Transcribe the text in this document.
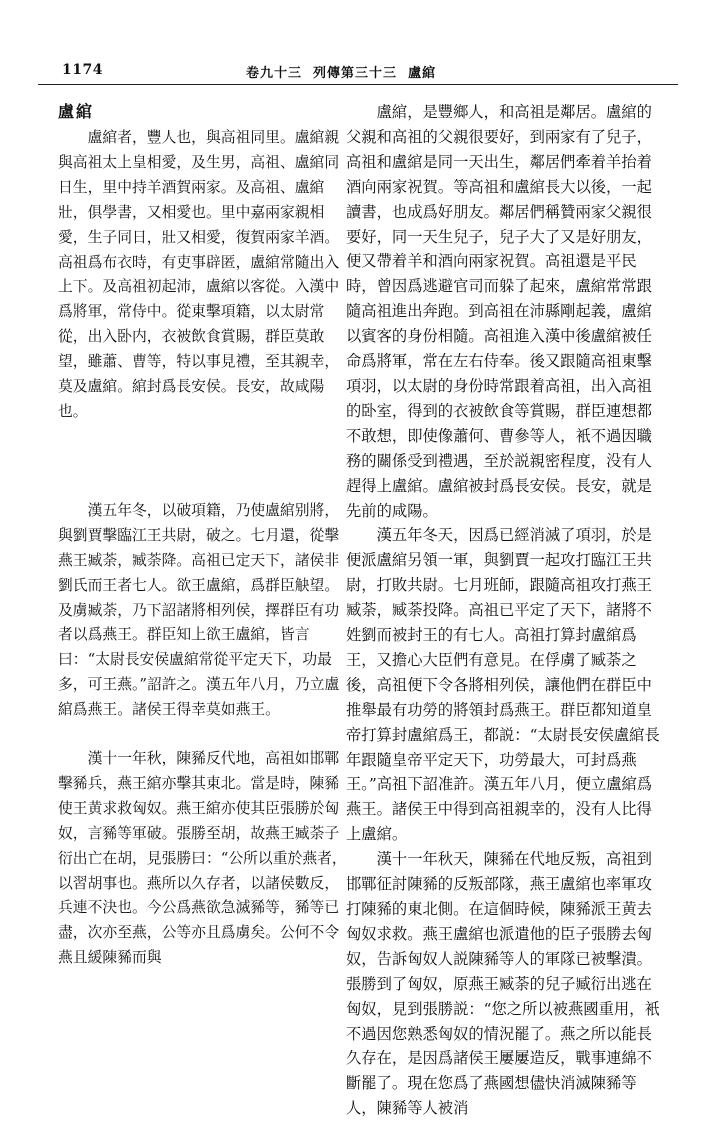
1174	卷九十三  列傳第三十三  盧綰

盧綰

盧綰者，豐人也，與高祖同里。盧綰親與高祖太上皇相愛，及生男，高祖、盧綰同日生，里中持羊酒賀兩家。及高祖、盧綰壯，俱學書，又相愛也。里中嘉兩家親相愛，生子同日，壯又相愛，復賀兩家羊酒。高祖爲布衣時，有吏事辟匿，盧綰常隨出入上下。及高祖初起沛，盧綰以客從。入漢中爲將軍，常侍中。從東擊項籍，以太尉常從，出入卧内，衣被飲食賞賜，群臣莫敢望，雖蕭、曹等，特以事見禮，至其親幸，莫及盧綰。綰封爲長安侯。長安，故咸陽也。

漢五年冬，以破項籍，乃使盧綰别將，與劉賈擊臨江王共尉，破之。七月還，從擊燕王臧荼，臧荼降。高祖已定天下，諸侯非劉氏而王者七人。欲王盧綰，爲群臣觖望。及虜臧荼，乃下詔諸將相列侯，擇群臣有功者以爲燕王。群臣知上欲王盧綰，皆言曰：“太尉長安侯盧綰常從平定天下，功最多，可王燕。”詔許之。漢五年八月，乃立盧綰爲燕王。諸侯王得幸莫如燕王。

漢十一年秋，陳豨反代地，高祖如邯鄲擊豨兵，燕王綰亦擊其東北。當是時，陳豨使王黄求救匈奴。燕王綰亦使其臣張勝於匈奴，言豨等軍破。張勝至胡，故燕王臧荼子衍出亡在胡，見張勝曰：“公所以重於燕者，以習胡事也。燕所以久存者，以諸侯數反，兵連不決也。今公爲燕欲急滅豨等，豨等已盡，次亦至燕，公等亦且爲虜矣。公何不令燕且緩陳豨而與

盧綰，是豐鄉人，和高祖是鄰居。盧綰的父親和高祖的父親很要好，到兩家有了兒子，高祖和盧綰是同一天出生，鄰居們牽着羊抬着酒向兩家祝賀。等高祖和盧綰長大以後，一起讀書，也成爲好朋友。鄰居們稱贊兩家父親很要好，同一天生兒子，兒子大了又是好朋友，便又帶着羊和酒向兩家祝賀。高祖還是平民時，曾因爲逃避官司而躲了起來，盧綰常常跟隨高祖進出奔跑。到高祖在沛縣剛起義，盧綰以賓客的身份相隨。高祖進入漢中後盧綰被任命爲將軍，常在左右侍奉。後又跟隨高祖東擊項羽，以太尉的身份時常跟着高祖，出入高祖的卧室，得到的衣被飲食等賞賜，群臣連想都不敢想，即使像蕭何、曹參等人，衹不過因職務的關係受到禮遇，至於説親密程度，没有人趕得上盧綰。盧綰被封爲長安侯。長安，就是先前的咸陽。

漢五年冬天，因爲已經消滅了項羽，於是便派盧綰另領一軍，與劉賈一起攻打臨江王共尉，打敗共尉。七月班師，跟隨高祖攻打燕王臧荼，臧荼投降。高祖已平定了天下，諸將不姓劉而被封王的有七人。高祖打算封盧綰爲王，又擔心大臣們有意見。在俘虜了臧荼之後，高祖便下令各將相列侯，讓他們在群臣中推舉最有功勞的將領封爲燕王。群臣都知道皇帝打算封盧綰爲王，都説：“太尉長安侯盧綰長年跟隨皇帝平定天下，功勞最大，可封爲燕王。”高祖下詔准許。漢五年八月，便立盧綰爲燕王。諸侯王中得到高祖親幸的，没有人比得上盧綰。

漢十一年秋天，陳豨在代地反叛，高祖到邯鄲征討陳豨的反叛部隊，燕王盧綰也率軍攻打陳豨的東北側。在這個時候，陳豨派王黄去匈奴求救。燕王盧綰也派遣他的臣子張勝去匈奴，告訴匈奴人説陳豨等人的軍隊已被擊潰。張勝到了匈奴，原燕王臧荼的兒子臧衍出逃在匈奴，見到張勝説：“您之所以被燕國重用，衹不過因您熟悉匈奴的情況罷了。燕之所以能長久存在，是因爲諸侯王屢屢造反，戰事連綿不斷罷了。現在您爲了燕國想儘快消滅陳豨等人，陳豨等人被消
